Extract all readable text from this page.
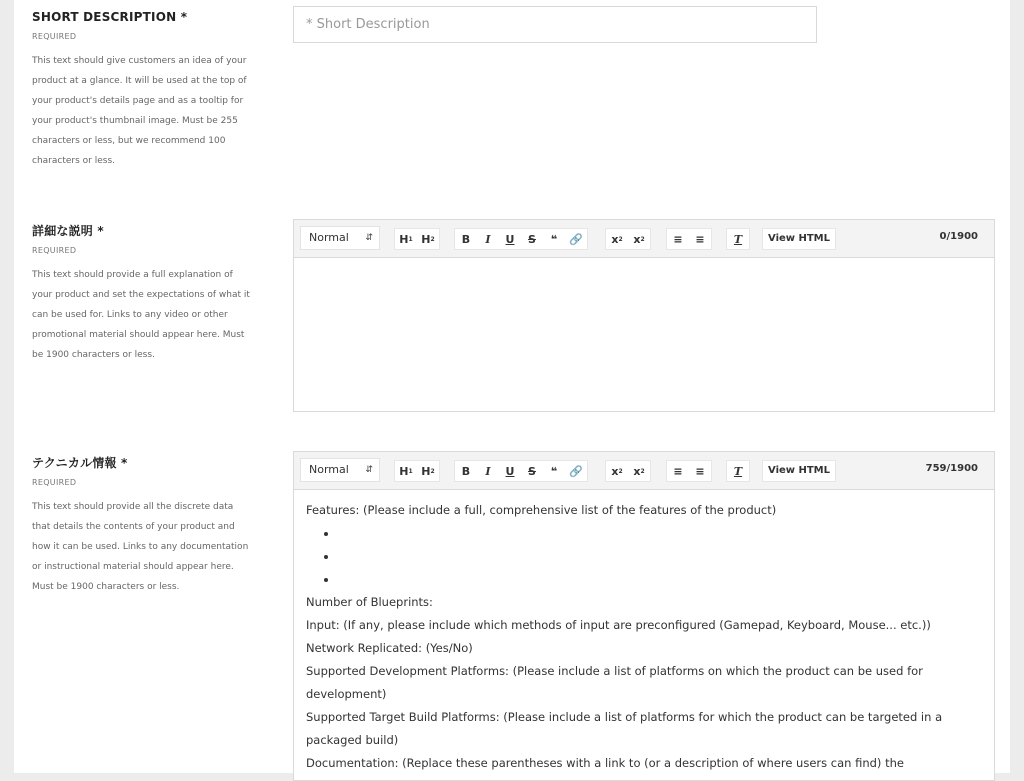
SHORT DESCRIPTION *
REQUIRED
This text should give customers an idea of your product at a glance. It will be used at the top of your product's details page and as a tooltip for your product's thumbnail image. Must be 255 characters or less, but we recommend 100 characters or less.
* Short Description
詳細な説明 *
REQUIRED
This text should provide a full explanation of your product and set the expectations of what it can be used for. Links to any video or other promotional material should appear here. Must be 1900 characters or less.
Normal ⇵	H 1 H 2	B	I	U	S	❝	🔗	x 2 x 2	≡	≡	T	View HTML	0/1900
テクニカル情報 *
REQUIRED
This text should provide all the discrete data that details the contents of your product and how it can be used. Links to any documentation or instructional material should appear here. Must be 1900 characters or less.
Normal ⇵	H 1 H 2	B	I	U	S	❝	🔗	x 2 x 2	≡	≡	T	View HTML	759/1900
Features: (Please include a full, comprehensive list of the features of the product)
•
•
•
Number of Blueprints:
Input: (If any, please include which methods of input are preconfigured (Gamepad, Keyboard, Mouse... etc.))
Network Replicated: (Yes/No)
Supported Development Platforms: (Please include a list of platforms on which the product can be used for development)
Supported Target Build Platforms: (Please include a list of platforms for which the product can be targeted in a packaged build)
Documentation: (Replace these parentheses with a link to (or a description of where users can find) the
